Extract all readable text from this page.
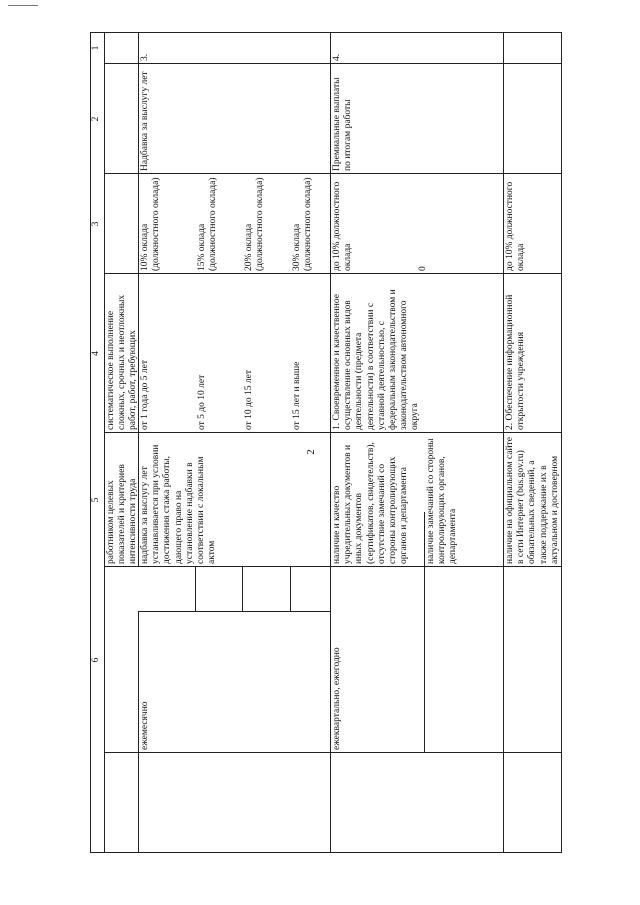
2
1
2
3
4
5
6
систематическое выполнение сложных, срочных и неотложных работ, работ, требующих
работником целевых показателей и критериев интенсивности труда
ежемесячно
3.
Надбавка за выслугу лет
10% оклада (должностного оклада)
от 1 года до 5 лет
15% оклада (должностного оклада)
от 5 до 10 лет
20% оклада (должностного оклада)
от 10 до 15 лет
30% оклада (должностного оклада)
от 15 лет и выше
надбавка за выслугу лет устанавливается при условии достижения стажа работы, дающего право на установление надбавки в соответствии с локальным актом
4.
Премиальные выплаты по итогам работы
ежеквартально, ежегодно
до 10% должностного оклада	0
1. Своевременное и качественное осуществление основных видов деятельности (предмета деятельности) в соответствии с уставной деятельностью, с федеральным законодательством и законодательством автономного округа
наличие и качество учредительных документов и иных документов (сертификатов, свидетельств), отсутствие замечаний со стороны контролирующих органов и департамента	наличие замечаний со стороны контролирующих органов, департамента
до 10% должностного оклада
2. Обеспечение информационной открытости учреждения
наличие на официальном сайте в сети Интернет (bus.gov.ru) обязательных сведений, а также поддержание их в актуальном и достоверном
